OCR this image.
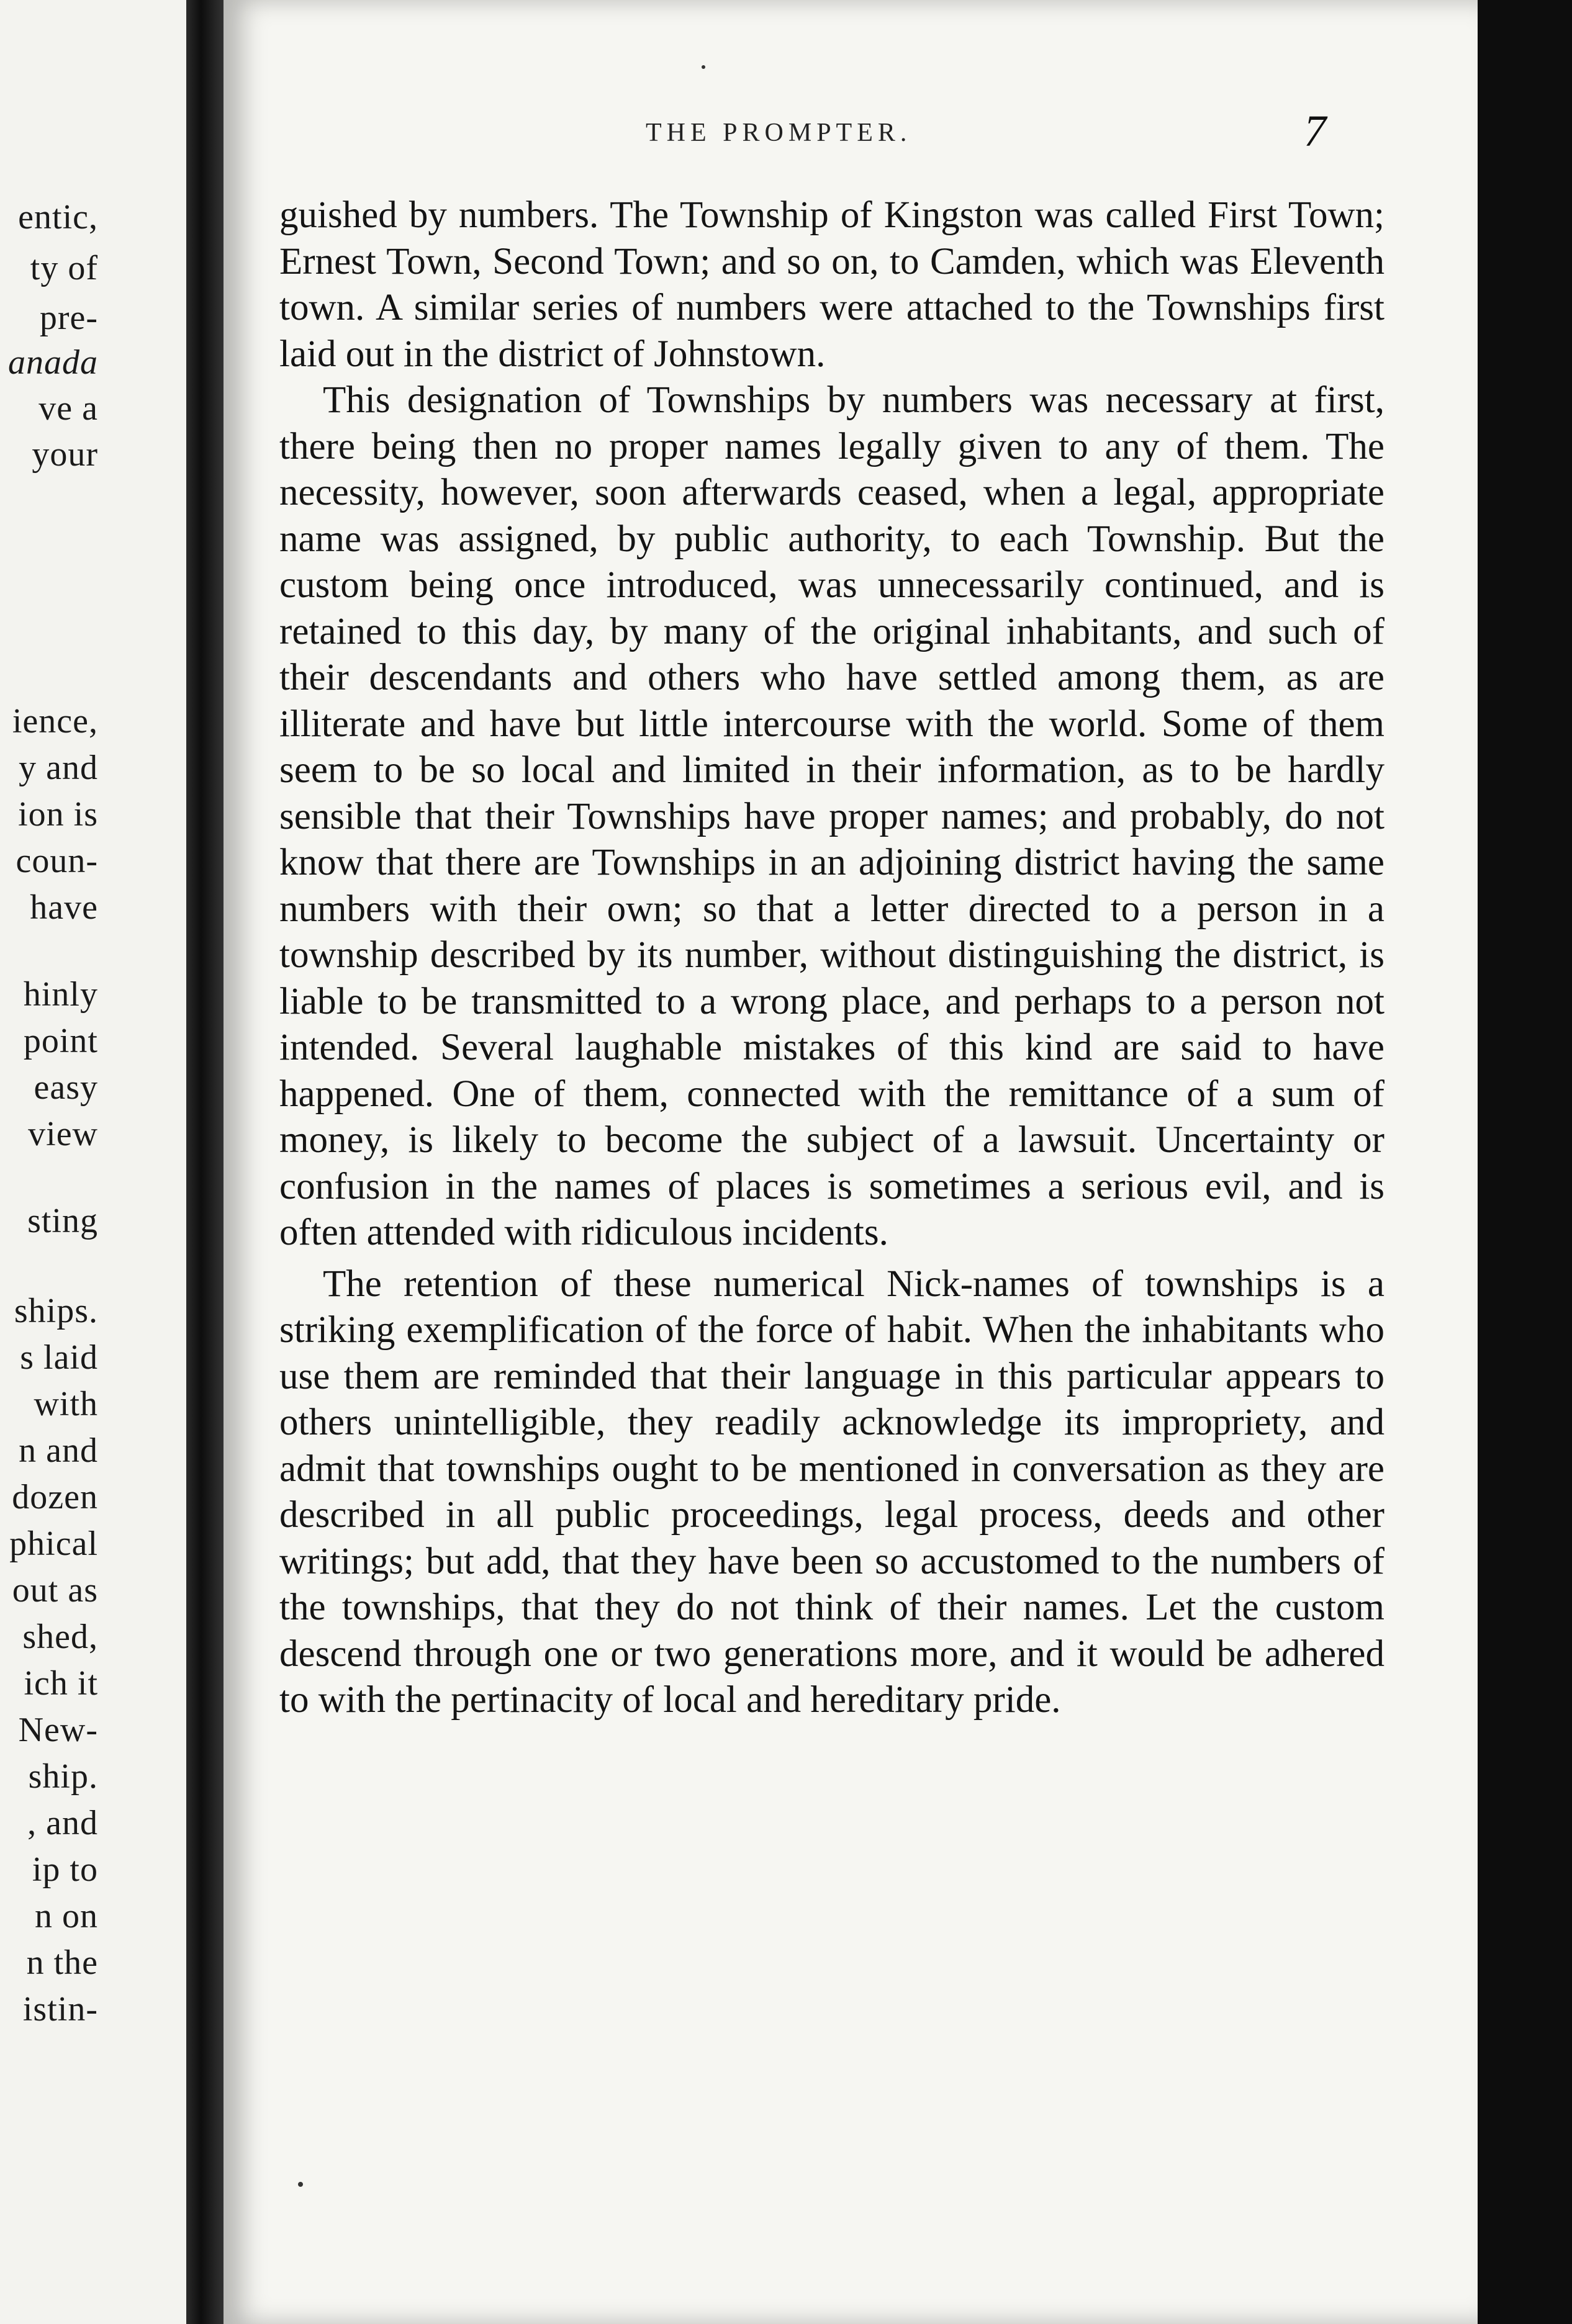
entic,
ty of
pre-
anada
ve a
your
ience,
y and
ion is
coun-
have
hinly
point
easy
view
sting
ships.
s laid
with
n and
dozen
phical
out as
shed,
ich it
New-
ship.
, and
ip to
n on
n the
istin-
THE PROMPTER.	7

guished by numbers. The Township of Kingston was called First Town; Ernest Town, Second Town; and so on, to Camden, which was Eleventh town. A similar series of numbers were attached to the Townships first laid out in the district of Johnstown.

This designation of Townships by numbers was necessary at first, there being then no proper names legally given to any of them. The necessity, however, soon afterwards ceased, when a legal, appropriate name was assigned, by public authority, to each Township. But the custom being once introduced, was unnecessarily continued, and is retained to this day, by many of the original inhabitants, and such of their descendants and others who have settled among them, as are illiterate and have but little intercourse with the world. Some of them seem to be so local and limited in their information, as to be hardly sensible that their Townships have proper names; and probably, do not know that there are Townships in an adjoining district having the same numbers with their own; so that a letter directed to a person in a township described by its number, without distinguishing the district, is liable to be transmitted to a wrong place, and perhaps to a person not intended. Several laughable mistakes of this kind are said to have happened. One of them, connected with the remittance of a sum of money, is likely to become the subject of a lawsuit. Uncertainty or confusion in the names of places is sometimes a serious evil, and is often attended with ridiculous incidents.

The retention of these numerical Nick-names of townships is a striking exemplification of the force of habit. When the inhabitants who use them are reminded that their language in this particular appears to others unintelligible, they readily acknowledge its impropriety, and admit that townships ought to be mentioned in conversation as they are described in all public proceedings, legal process, deeds and other writings; but add, that they have been so accustomed to the numbers of the townships, that they do not think of their names. Let the custom descend through one or two generations more, and it would be adhered to with the pertinacity of local and hereditary pride.
